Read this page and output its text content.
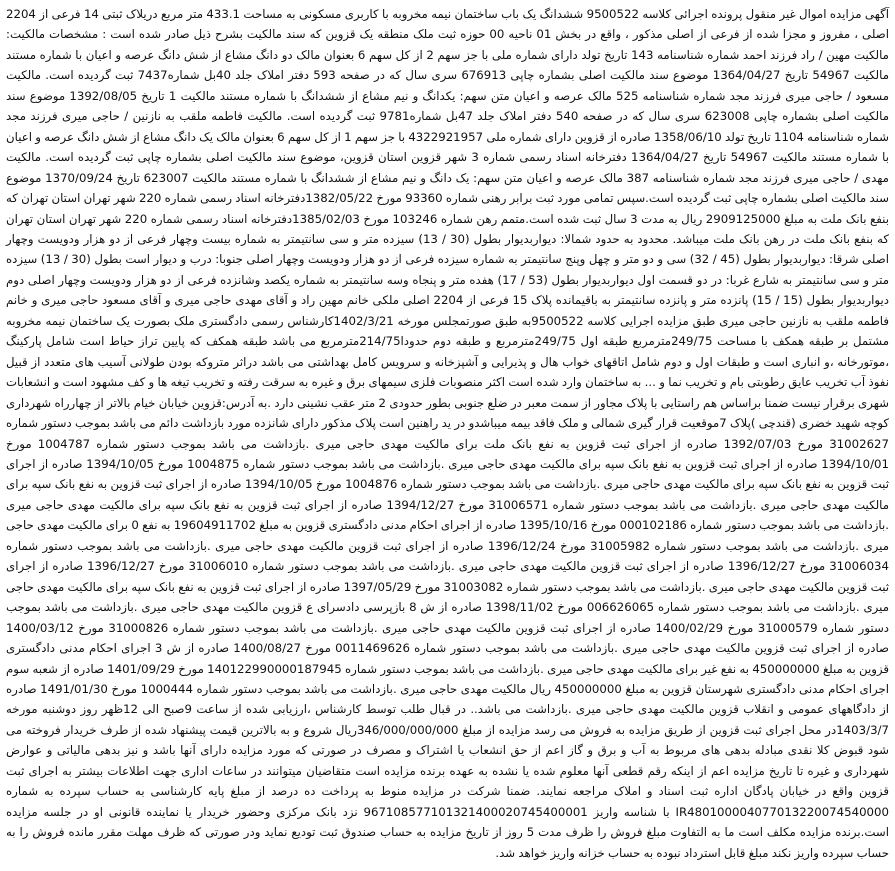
آگهی مزایده اموال غیر منقول پرونده اجرائی کلاسه 9500522 ششدانگ یک باب ساختمان نیمه مخروبه با کاربری مسکونی به مساحت 433.1 متر مربع دریلاک ثبتی 14 فرعی از 2204 اصلی ، مفروز و مجزا شده از فرعی از اصلی مذکور ، واقع در بخش 01 ناحیه 00 حوزه ثبت ملک منطقه یک قزوین که سند مالکیت بشرح ذیل صادر شده است : مشخصات مالکیت: مالکیت مهین / راد فرزند احمد شماره شناسنامه 143 تاریخ تولد دارای شماره ملی با جز سهم 2 از کل سهم 6 بعنوان مالک دو دانگ مشاع از شش دانگ عرصه و اعیان با شماره مستند مالکیت 54967 تاریخ 1364/04/27 موضوع سند مالکیت اصلی بشماره چاپی 676913 سری سال که در صفحه 593 دفتر املاک جلد 40بل شماره7437 ثبت گردیده است. مالکیت مسعود / حاجی میری فرزند مجد شماره شناسنامه 525 مالک عرصه و اعیان متن سهم: یکدانگ و نیم مشاع از ششدانگ با شماره مستند مالکیت 1 تاریخ 1392/08/05 موضوع سند مالکیت اصلی بشماره چاپی 623008 سری سال که در صفحه 540 دفتر املاک جلد 47بل شماره9781 ثبت گردیده است. مالکیت فاطمه ملقب به نازنین / حاجی میری فرزند مجد شماره شناسنامه 1104 تاریخ تولد 1358/06/10 صادره از قزوین دارای شماره ملی 4322921957 با جز سهم 1 از کل سهم 6 بعنوان مالک یک دانگ مشاع از شش دانگ عرصه و اعیان با شماره مستند مالکیت 54967 تاریخ 1364/04/27 دفترخانه اسناد رسمی شماره 3 شهر قزوین استان قزوین، موضوع سند مالکیت اصلی بشماره چاپی ثبت گردیده است. مالکیت مهدی / حاجی میری فرزند مجد شماره شناسنامه 387 مالک عرصه و اعیان متن سهم: یک دانگ و نیم مشاع از ششدانگ با شماره مستند مالکیت 623007 تاریخ 1370/09/24 موضوع سند مالکیت اصلی بشماره چاپی ثبت گردیده است.سپس تمامی مورد ثبت برابر رهنی شماره 93360 مورخ 1382/05/22دفترخانه اسناد رسمی شماره 220 شهر تهران استان تهران که بنفع بانک ملت به مبلغ 2909125000 ریال به مدت 3 سال ثبت شده است.متمم رهن شماره 103246 مورخ 1385/02/03دفترخانه اسناد رسمی شماره 220 شهر تهران استان تهران که بنفع بانک ملت در رهن بانک ملت میباشد. محدود به حدود شمالا: دیواربدیوار بطول (30 / 13) سیزده متر و سی سانتیمتر به شماره بیست وچهار فرعی از دو هزار ودویست وچهار اصلی شرقا: دیواربدیوار بطول (45 / 32) سی و دو متر و چهل وپنج سانتیمتر به شماره سیزده فرعی از دو هزار ودویست وچهار اصلی جنوبا: درب و دیوار است بطول (30 / 13) سیزده متر و سی سانتیمتر به شارع غربا: در دو قسمت اول دیواربدیوار بطول (53 / 17) هفده متر و پنجاه وسه سانتیمتر به شماره یکصد وشانزده فرعی از دو هزار ودویست وچهار اصلی دوم دیواربدیوار بطول (15 / 15) پانزده متر و پانزده سانتیمتر به باقیمانده پلاک 15 فرعی از 2204 اصلی ملکی خانم مهین راد و آقای مهدی حاجی میری و آقای مسعود حاجی میری و خانم فاطمه ملقب به نازنین حاجی میری طبق مزایده اجرایی کلاسه 9500522به طبق صورتمجلس مورخه 1402/3/21کارشناس رسمی دادگستری ملک بصورت یک ساختمان نیمه مخروبه مشتمل بر طبقه همکف با مساحت 249/75مترمربع طبقه اول 249/75مترمربع و طبقه دوم حدودا214/75مترمربع می باشد طبقه همکف که پایین تراز حیاط است شامل پارکینگ ،موتورخانه ،و انباری است و طبقات اول و دوم شامل اتاقهای خواب هال و پذیرایی و آشپزخانه و سرویس کامل بهداشتی می باشد دراثر متروکه بودن طولانی آسیب های متعدد از قبیل نفوذ آب تخریب عایق رطوبتی بام و تخریب نما و ... به ساختمان وارد شده است اکثر منصوبات فلزی سیمهای برق و غیره به سرقت رفته و تخریب تیغه ها و کف مشهود است و انشعابات شهری برقرار نیست ضمنا براساس هم راستایی با پلاک مجاور از سمت معبر در ضلع جنوبی بطور حدودی 2 متر عقب نشینی دارد .به آدرس:قزوین خیابان خیام بالاتر از چهارراه شهرداری کوچه شهید خضری (قندچی )پلاک 7موقعیت قرار گیری شمالی و ملک فاقد بیمه میباشدو در ید راهنین است پلاک مذکور دارای شانزده مورد بازداشت دائم می باشد بموجب دستور شماره 31002627 مورخ 1392/07/03 صادره از اجرای ثبت قزوین به نفع بانک ملت برای مالکیت مهدی حاجی میری .بازداشت می باشد بموجب دستور شماره 1004787 مورخ 1394/10/01 صادره از اجرای ثبت قزوین به نفع بانک سپه برای مالکیت مهدی حاجی میری .بازداشت می باشد بموجب دستور شماره 1004875 مورخ 1394/10/05 صادره از اجرای ثبت قزوین به نفع بانک سپه برای مالکیت مهدی حاجی میری .بازداشت می باشد بموجب دستور شماره 1004876 مورخ 1394/10/05 صادره از اجرای ثبت قزوین به نفع بانک سپه برای مالکیت مهدی حاجی میری .بازداشت می باشد بموجب دستور شماره 31006571 مورخ 1394/12/27 صادره از اجرای ثبت قزوین به نفع بانک سپه برای مالکیت مهدی حاجی میری .بازداشت می باشد بموجب دستور شماره 000102186 مورخ 1395/10/16 صادره از اجرای احکام مدنی دادگستری قزوین به مبلغ 19604911702 به نفع 0 برای مالکیت مهدی حاجی میری .بازداشت می باشد بموجب دستور شماره 31005982 مورخ 1396/12/24 صادره از اجرای ثبت قزوین مالکیت مهدی حاجی میری .بازداشت می باشد بموجب دستور شماره 31006034 مورخ 1396/12/27 صادره از اجرای ثبت قزوین مالکیت مهدی حاجی میری .بازداشت می باشد بموجب دستور شماره 31006010 مورخ 1396/12/27 صادره از اجرای ثبت قزوین مالکیت مهدی حاجی میری .بازداشت می باشد بموجب دستور شماره 31003082 مورخ 1397/05/29 صادره از اجرای ثبت قزوین به نفع بانک سپه برای مالکیت مهدی حاجی میری .بازداشت می باشد بموجب دستور شماره 006626065 مورخ 1398/11/02 صادره از ش 8 بازپرسی دادسرای ع قزوین مالکیت مهدی حاجی میری .بازداشت می باشد بموجب دستور شماره 31000579 مورخ 1400/02/29 صادره از اجرای ثبت قزوین مالکیت مهدی حاجی میری .بازداشت می باشد بموجب دستور شماره 31000826 مورخ 1400/03/12 صادره از اجرای ثبت قزوین مالکیت مهدی حاجی میری .بازداشت می باشد بموجب دستور شماره 0011469626 مورخ 1400/08/27 صادره از ش 3 اجرای احکام مدنی دادگستری قزوین به مبلغ 450000000 به نفع غیر برای مالکیت مهدی حاجی میری .بازداشت می باشد بموجب دستور شماره 140122990000187945 مورخ 1401/09/29 صادره از شعبه سوم اجرای احکام مدنی دادگستری شهرستان قزوین به مبلغ 450000000 ریال مالکیت مهدی حاجی میری .بازداشت می باشد بموجب دستور شماره 1000444 مورخ 1491/01/30 صادره از دادگاههای عمومی و انقلاب قزوین مالکیت مهدی حاجی میری .بازداشت می باشد.. در قبال طلب توسط کارشناس ،ارزیابی شده از ساعت 9صبح الی 12ظهر روز دوشنبه مورخه 1403/3/7در محل اجرای ثبت قزوین از طریق مزایده به فروش می رسد مزایده از مبلغ 346/000/000/000ریال شروع و به بالاترین قیمت پیشنهاد شده از طرف خریدار فروخته می شود قبوض کلا نقدی مبادله بدهی های مربوط به آب و برق و گاز اعم از حق انشعاب یا اشتراک و مصرف در صورتی که مورد مزایده دارای آنها باشد و نیز بدهی مالیاتی و عوارض شهرداری و غیره تا تاریخ مزایده اعم از اینکه رقم قطعی آنها معلوم شده یا نشده به عهده برنده مزایده است متقاضیان میتوانند در ساعات اداری جهت اطلاعات بیشتر به اجرای ثبت قزوین واقع در خیابان پادگان اداره ثبت اسناد و املاک مراجعه نمایند. ضمنا شرکت در مزایده منوط به پرداخت ده درصد از مبلغ پایه کارشناسی به حساب سپرده به شماره IR480100004077013220074540000 با شناسه واریز 967108577101321400020745400001 نزد بانک مرکزی وحضور خریدار یا نماینده قانونی او در جلسه مزایده است.برنده مزایده مکلف است ما به التفاوت مبلغ فروش را ظرف مدت 5 روز از تاریخ مزایده به حساب صندوق ثبت تودیع نماید ودر صورتی که ظرف مهلت مقرر مانده فروش را به حساب سپرده واریز نکند مبلغ قابل استرداد نبوده به حساب خزانه واریز خواهد شد.
